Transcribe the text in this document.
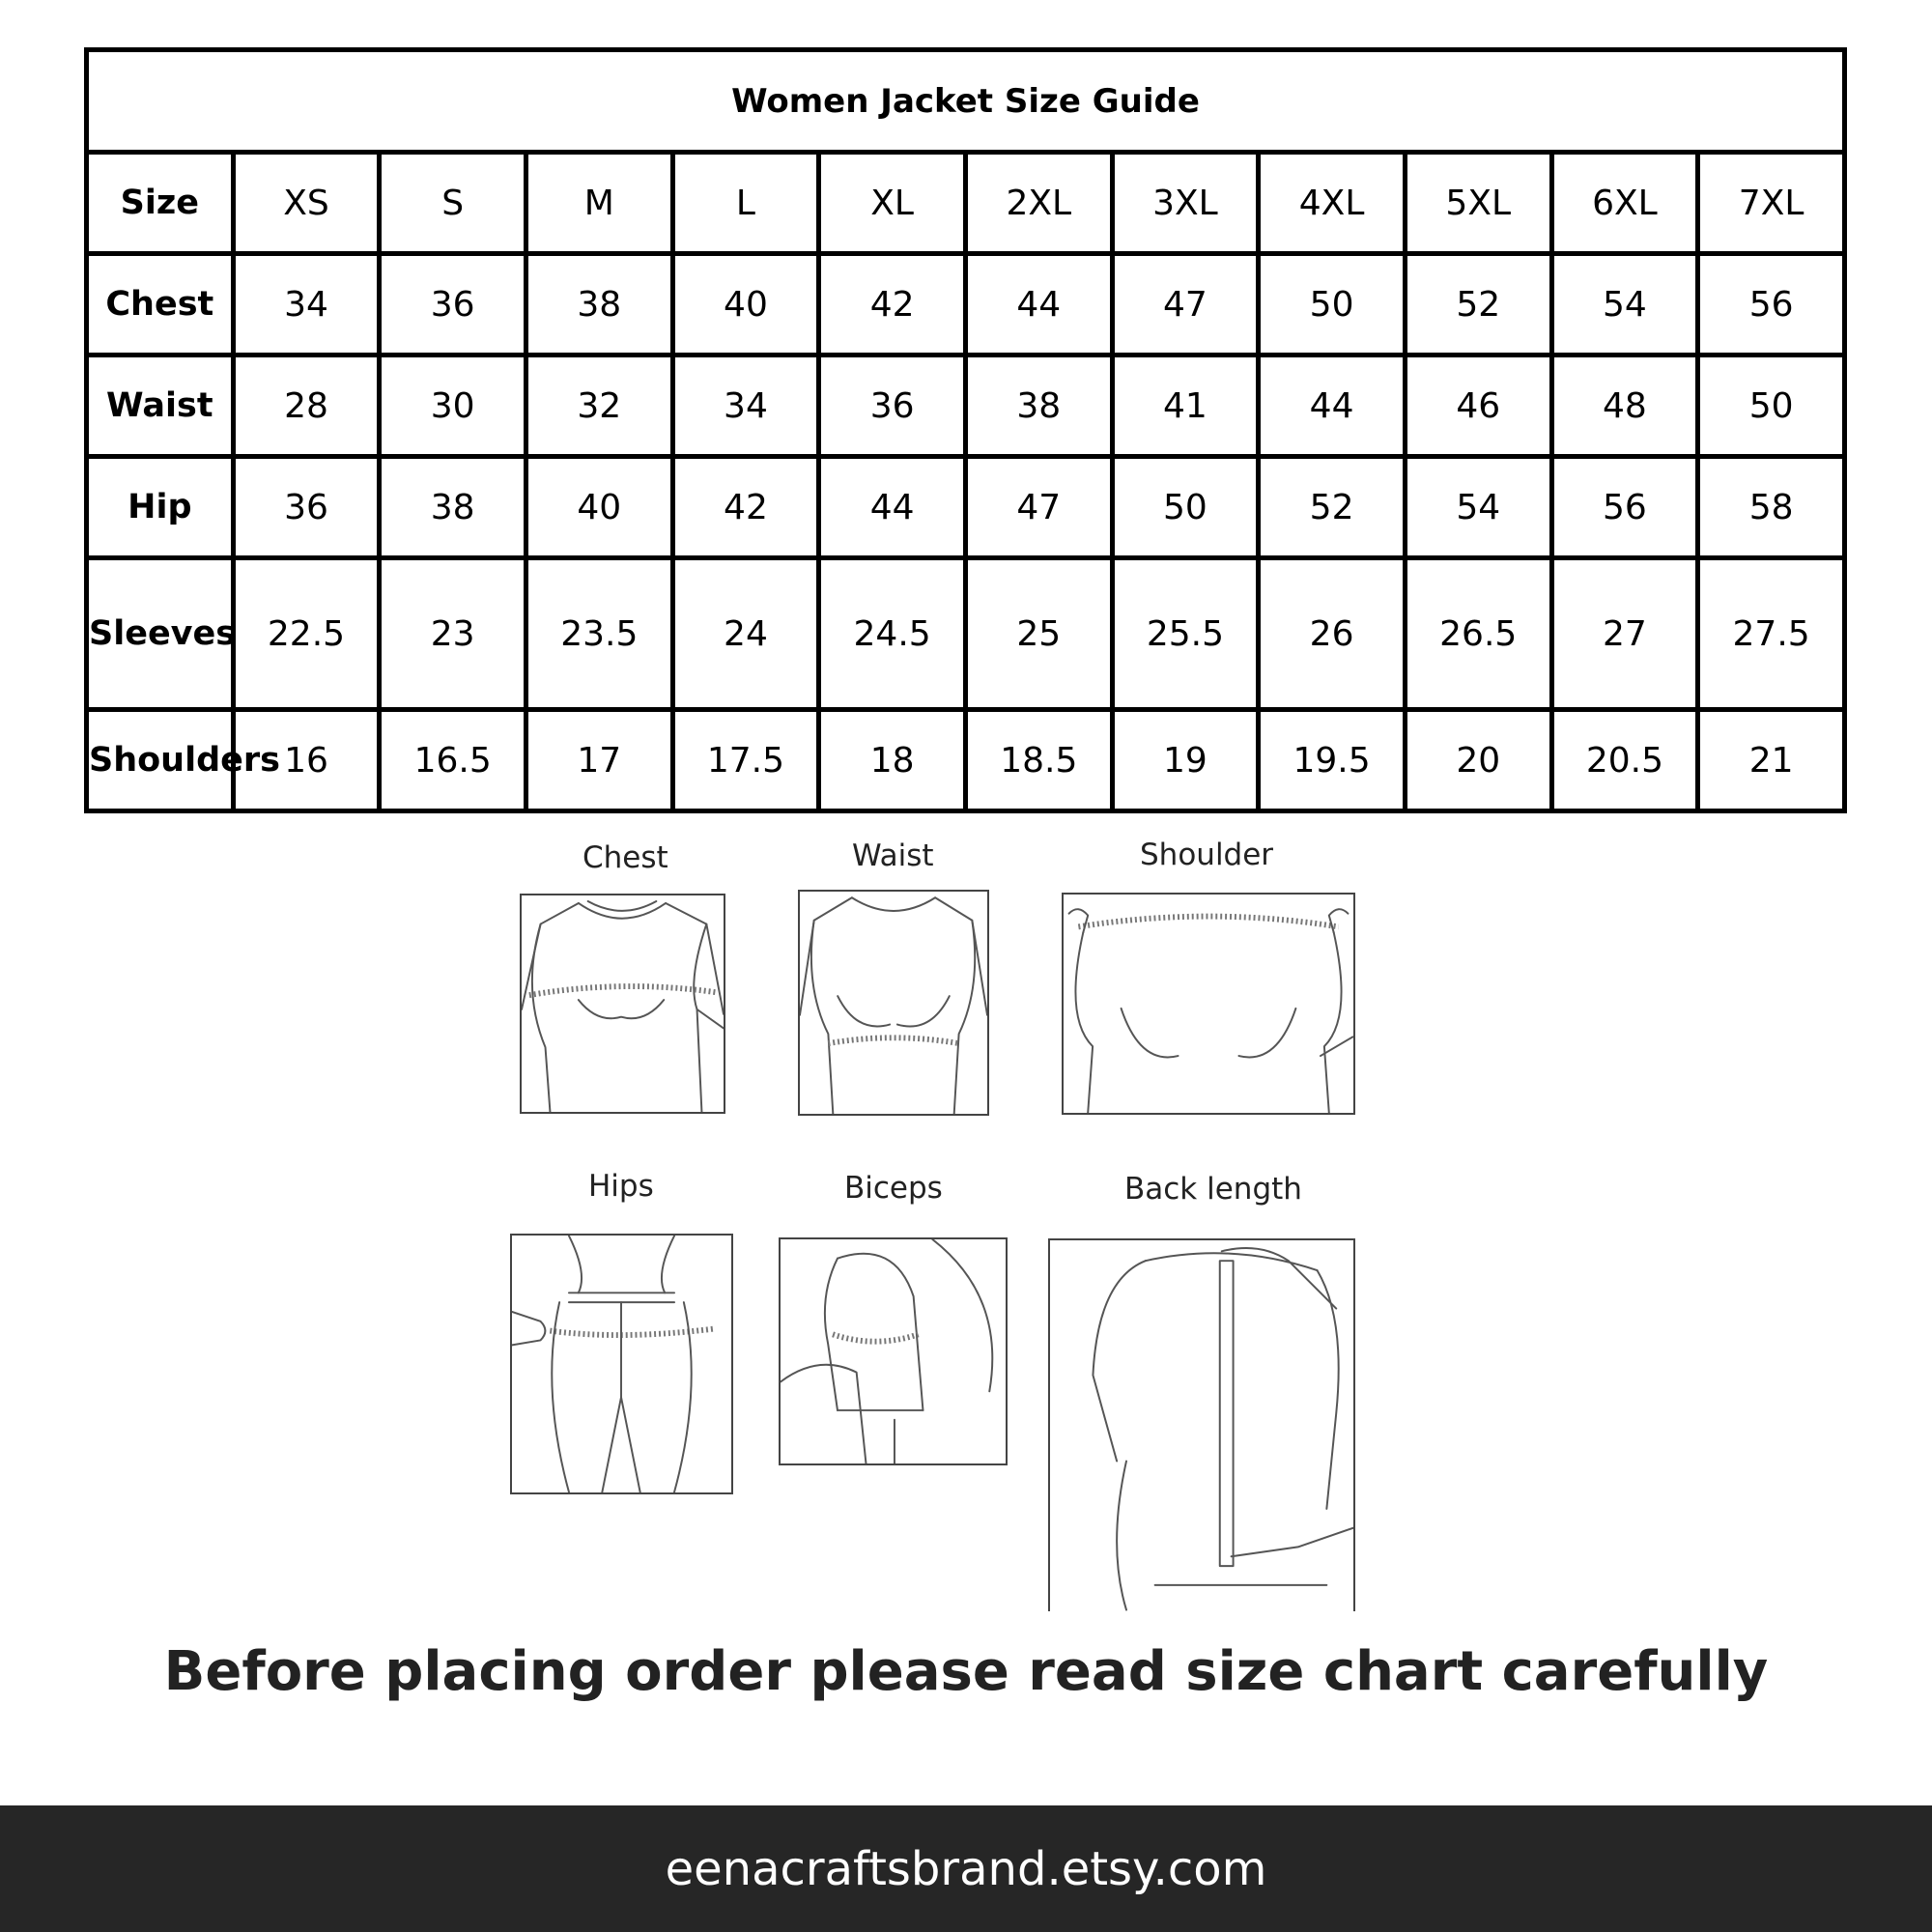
Women Jacket Size Guide											
Size	XS	S	M	L	XL	2XL	3XL	4XL	5XL	6XL	7XL
Chest	34	36	38	40	42	44	47	50	52	54	56
Waist	28	30	32	34	36	38	41	44	46	48	50
Hip	36	38	40	42	44	47	50	52	54	56	58
Sleeves	22.5	23	23.5	24	24.5	25	25.5	26	26.5	27	27.5
Shoulders	16	16.5	17	17.5	18	18.5	19	19.5	20	20.5	21
Chest	Waist	Shoulder
Hips	Biceps	Back length
Before placing order please read size chart carefully
eenacraftsbrand.etsy.com
